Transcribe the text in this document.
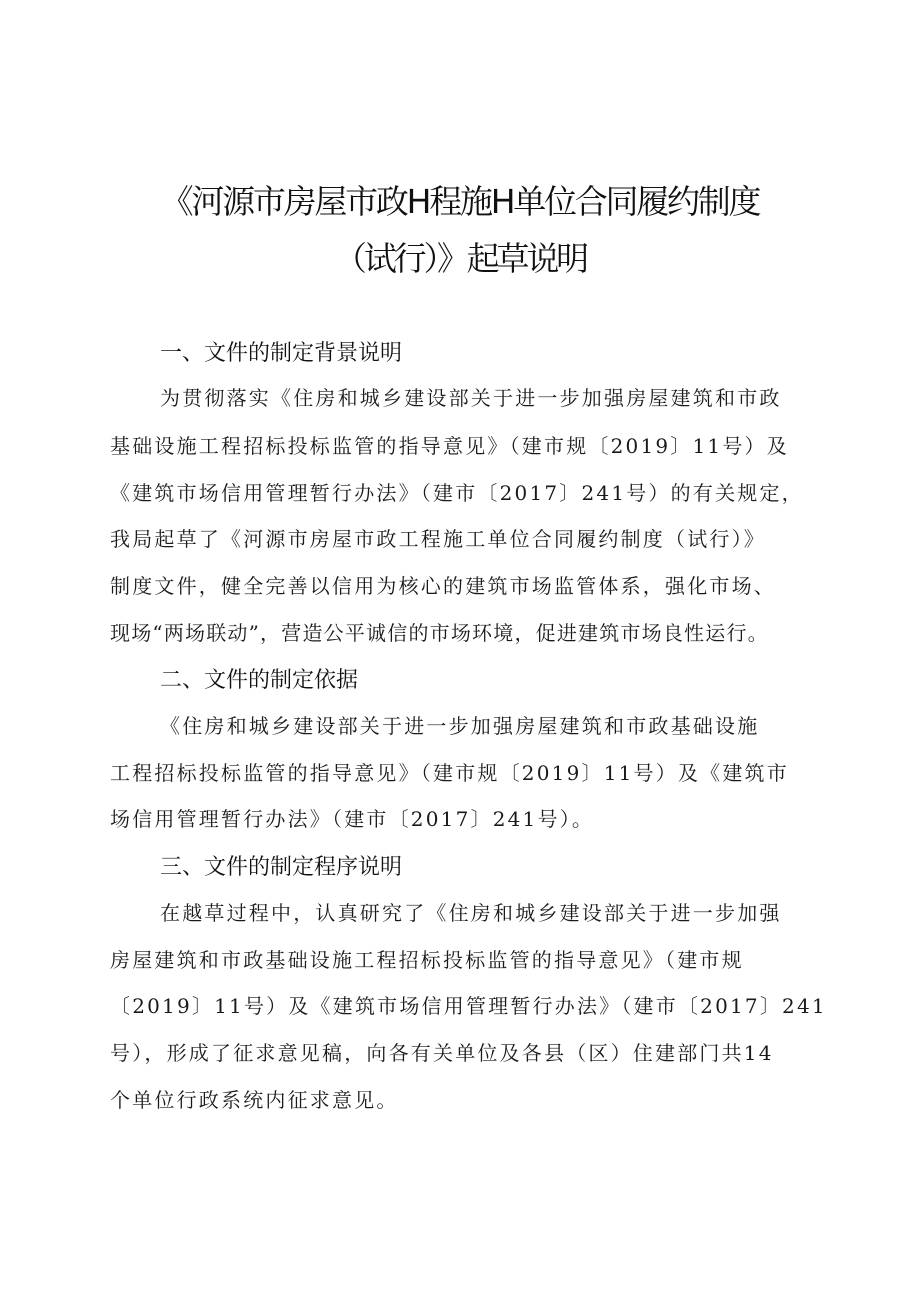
《河源市房屋市政H程施H单位合同履约制度
（试行）》起草说明
一、文件的制定背景说明
为贯彻落实《住房和城乡建设部关于进一步加强房屋建筑和市政
基础设施工程招标投标监管的指导意见》（建市规〔2019〕11号）及
《建筑市场信用管理暂行办法》（建市〔2017〕241号）的有关规定，
我局起草了《河源市房屋市政工程施工单位合同履约制度（试行）》
制度文件，健全完善以信用为核心的建筑市场监管体系，强化市场、
现场“两场联动”，营造公平诚信的市场环境，促进建筑市场良性运行。
二、文件的制定依据
《住房和城乡建设部关于进一步加强房屋建筑和市政基础设施
工程招标投标监管的指导意见》（建市规〔2019〕11号）及《建筑市
场信用管理暂行办法》（建市〔2017〕241号）。
三、文件的制定程序说明
在越草过程中，认真研究了《住房和城乡建设部关于进一步加强
房屋建筑和市政基础设施工程招标投标监管的指导意见》（建市规
〔2019〕11号）及《建筑市场信用管理暂行办法》（建市〔2017〕241
号），形成了征求意见稿，向各有关单位及各县（区）住建部门共14
个单位行政系统内征求意见。
